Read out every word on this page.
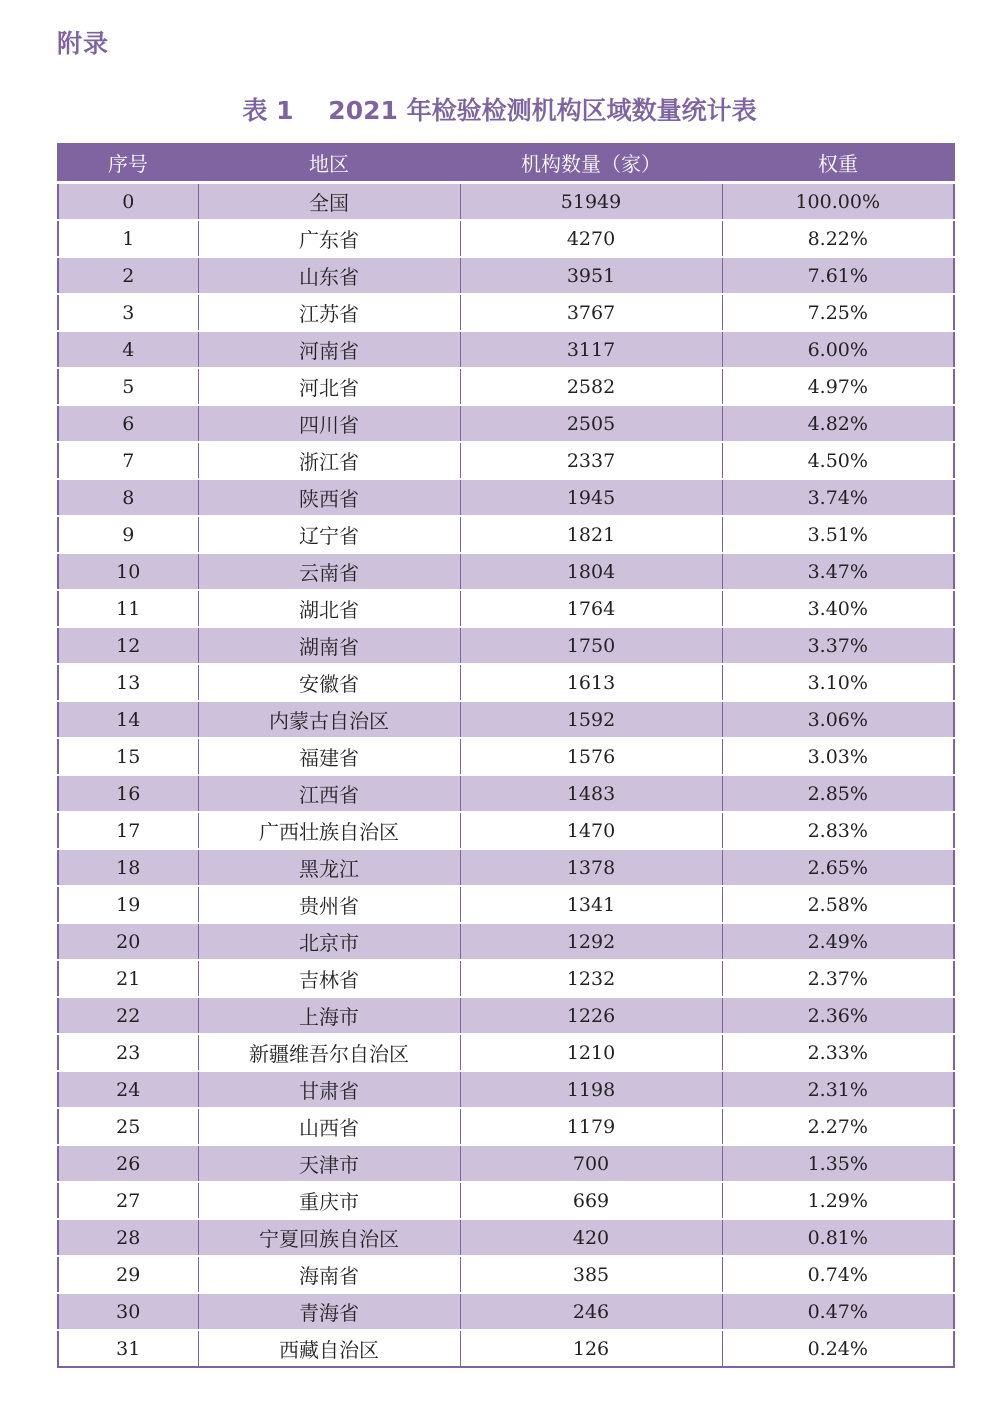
附录
表 1    2021 年检验检测机构区域数量统计表
序号	地区	机构数量（家）	权重
0	全国	51949	100.00%
1	广东省	4270	8.22%
2	山东省	3951	7.61%
3	江苏省	3767	7.25%
4	河南省	3117	6.00%
5	河北省	2582	4.97%
6	四川省	2505	4.82%
7	浙江省	2337	4.50%
8	陕西省	1945	3.74%
9	辽宁省	1821	3.51%
10	云南省	1804	3.47%
11	湖北省	1764	3.40%
12	湖南省	1750	3.37%
13	安徽省	1613	3.10%
14	内蒙古自治区	1592	3.06%
15	福建省	1576	3.03%
16	江西省	1483	2.85%
17	广西壮族自治区	1470	2.83%
18	黑龙江	1378	2.65%
19	贵州省	1341	2.58%
20	北京市	1292	2.49%
21	吉林省	1232	2.37%
22	上海市	1226	2.36%
23	新疆维吾尔自治区	1210	2.33%
24	甘肃省	1198	2.31%
25	山西省	1179	2.27%
26	天津市	700	1.35%
27	重庆市	669	1.29%
28	宁夏回族自治区	420	0.81%
29	海南省	385	0.74%
30	青海省	246	0.47%
31	西藏自治区	126	0.24%
